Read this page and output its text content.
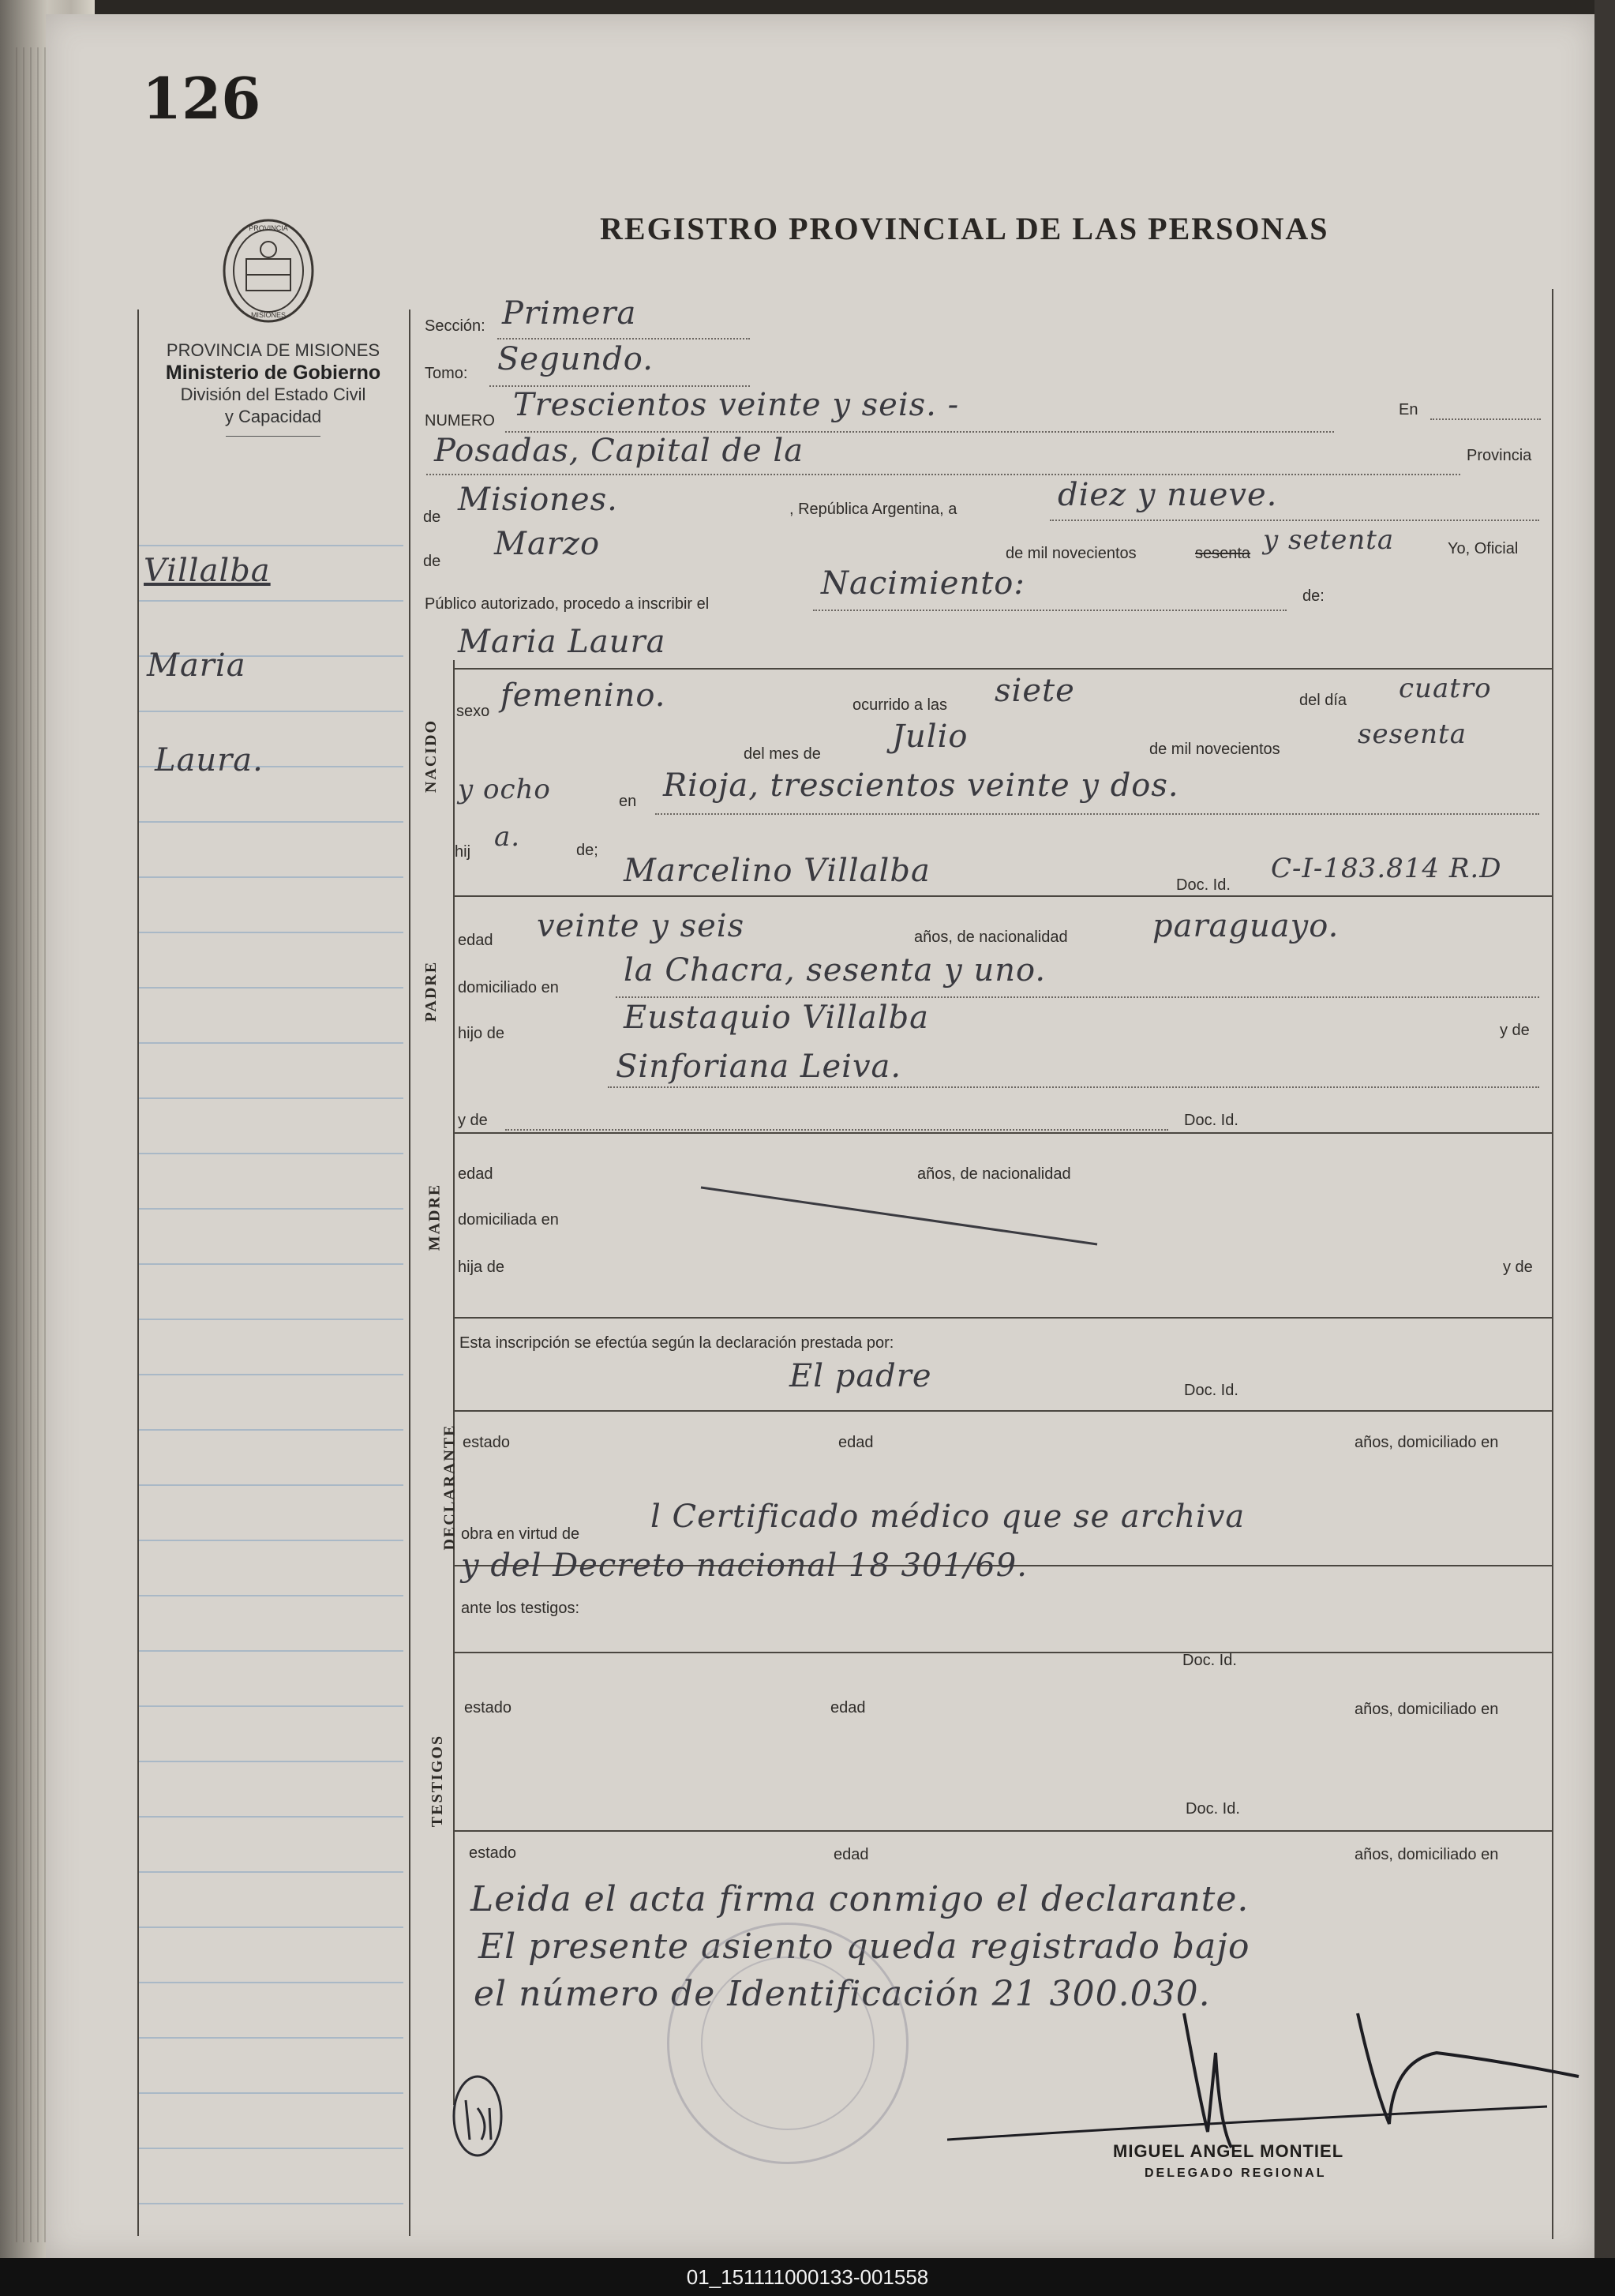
126
REGISTRO PROVINCIAL DE LAS PERSONAS
PROVINCIA
MISIONES
PROVINCIA DE MISIONES
Ministerio de Gobierno
División del Estado Civil
y Capacidad
Villalba
Maria
Laura.
Sección: Primera
Tomo: Segundo.
NUMERO Trescientos veinte y seis. -	En
Posadas, Capital de la	Provincia
de Misiones.	, República Argentina, a	diez y nueve.
de Marzo	de mil novecientos	sesenta y setenta	Yo, Oficial
Público autorizado, procedo a inscribir el
Nacimiento:	de:
Maria Laura
NACIDO
sexo femenino.	ocurrido a las siete	del día cuatro
del mes de Julio	de mil novecientos	sesenta
y ocho	en Rioja, trescientos veinte y dos.
hij a.	de;
Marcelino Villalba	Doc. Id.
C-I-183.814 R.D
PADRE
edad veinte y seis	años, de nacionalidad	paraguayo.
domiciliado en la Chacra, sesenta y uno.
hijo de	Eustaquio Villalba	y de
Sinforiana Leiva.
y de	Doc. Id.
MADRE
edad	años, de nacionalidad
domiciliada en
hija de	y de
Esta inscripción se efectúa según la declaración prestada por:
El padre	Doc. Id.
DECLARANTE estado	edad	años, domiciliado en
obra en virtud de l Certificado médico que se archiva
y del Decreto nacional 18 301/69.
ante los testigos:
TESTIGOS
Doc. Id.
estado	edad	años, domiciliado en
Doc. Id.
estado	edad	años, domiciliado en
Leida el acta firma conmigo el declarante.
El presente asiento queda registrado bajo
el número de Identificación 21 300.030.
MIGUEL ANGEL MONTIEL
DELEGADO REGIONAL
01_151111000133-001558
